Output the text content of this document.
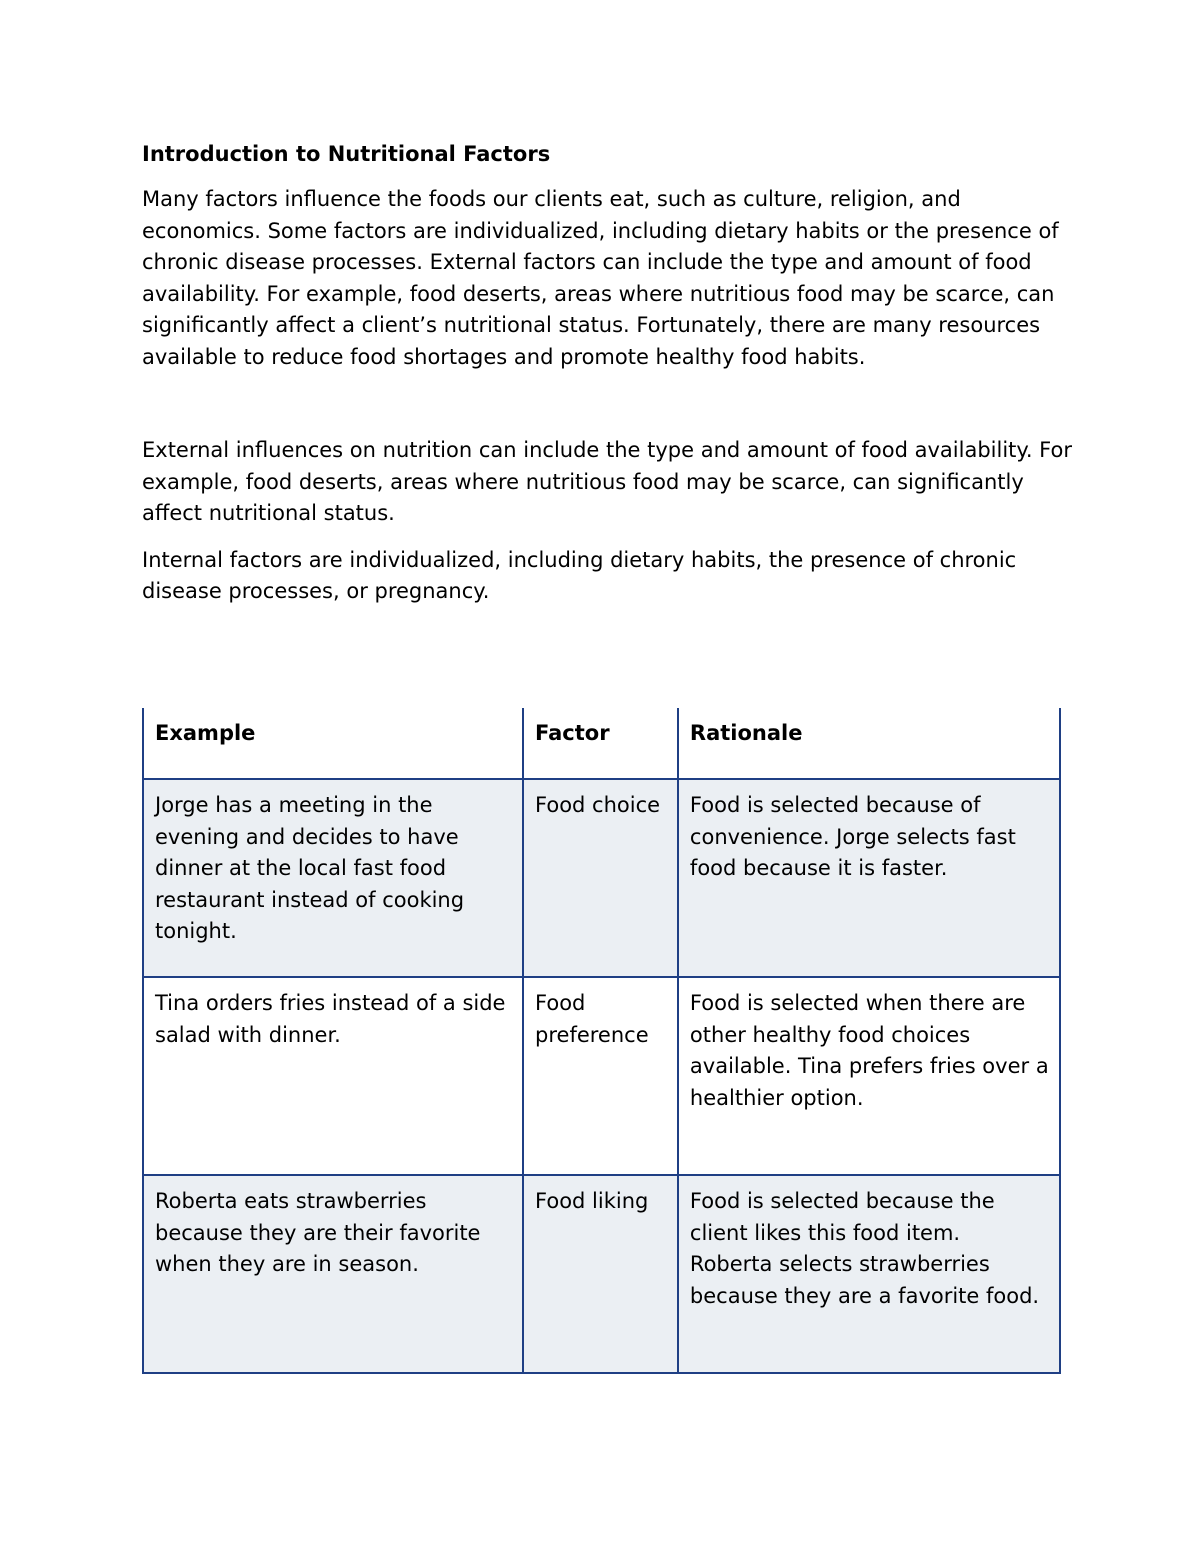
Introduction to Nutritional Factors

Many factors influence the foods our clients eat, such as culture, religion, and economics. Some factors are individualized, including dietary habits or the presence of chronic disease processes. External factors can include the type and amount of food availability. For example, food deserts, areas where nutritious food may be scarce, can significantly affect a client’s nutritional status. Fortunately, there are many resources available to reduce food shortages and promote healthy food habits.

External influences on nutrition can include the type and amount of food availability. For example, food deserts, areas where nutritious food may be scarce, can significantly affect nutritional status.

Internal factors are individualized, including dietary habits, the presence of chronic disease processes, or pregnancy.

Example	Factor	Rationale
Jorge has a meeting in the evening and decides to have dinner at the local fast food restaurant instead of cooking tonight.	Food choice	Food is selected because of convenience. Jorge selects fast food because it is faster.
Tina orders fries instead of a side salad with dinner.	Food preference	Food is selected when there are other healthy food choices available. Tina prefers fries over a healthier option.
Roberta eats strawberries because they are their favorite when they are in season.	Food liking	Food is selected because the client likes this food item. Roberta selects strawberries because they are a favorite food.
